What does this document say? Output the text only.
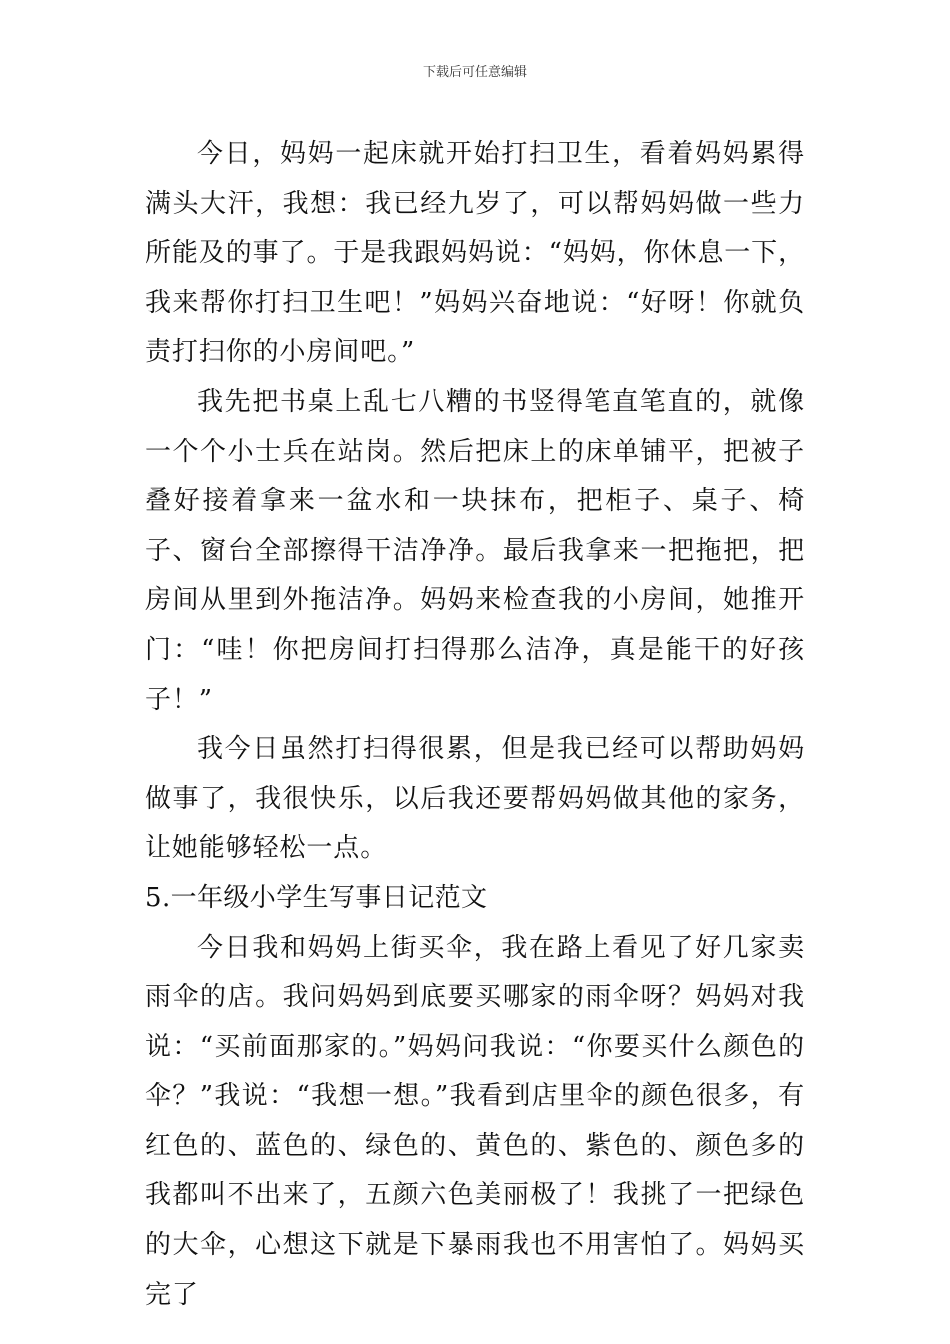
下载后可任意编辑

今日，妈妈一起床就开始打扫卫生，看着妈妈累得满头大汗，我想：我已经九岁了，可以帮妈妈做一些力所能及的事了。于是我跟妈妈说：“妈妈，你休息一下，我来帮你打扫卫生吧！”妈妈兴奋地说：“好呀！你就负责打扫你的小房间吧。”

我先把书桌上乱七八糟的书竖得笔直笔直的，就像一个个小士兵在站岗。然后把床上的床单铺平，把被子叠好接着拿来一盆水和一块抹布，把柜子、桌子、椅子、窗台全部擦得干洁净净。最后我拿来一把拖把，把房间从里到外拖洁净。妈妈来检查我的小房间，她推开门：“哇！你把房间打扫得那么洁净，真是能干的好孩子！”

我今日虽然打扫得很累，但是我已经可以帮助妈妈做事了，我很快乐，以后我还要帮妈妈做其他的家务，让她能够轻松一点。

5.一年级小学生写事日记范文

今日我和妈妈上街买伞，我在路上看见了好几家卖雨伞的店。我问妈妈到底要买哪家的雨伞呀？妈妈对我说：“买前面那家的。”妈妈问我说：“你要买什么颜色的伞？”我说：“我想一想。”我看到店里伞的颜色很多，有红色的、蓝色的、绿色的、黄色的、紫色的、颜色多的我都叫不出来了，五颜六色美丽极了！我挑了一把绿色的大伞，心想这下就是下暴雨我也不用害怕了。妈妈买完了
